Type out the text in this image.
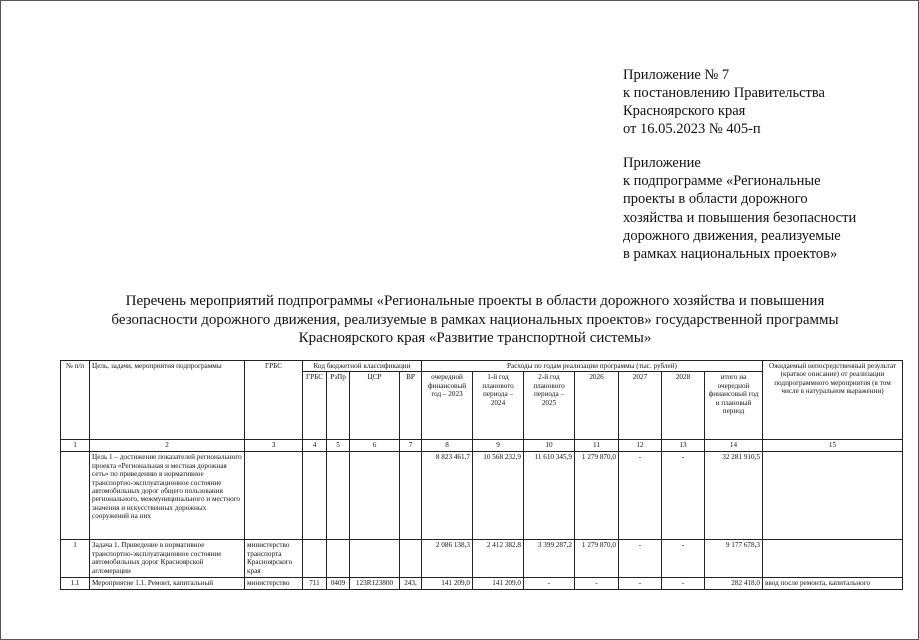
Приложение № 7
к постановлению Правительства
Красноярского края
от 16.05.2023 № 405-п
Приложение
к подпрограмме «Региональные
проекты в области дорожного
хозяйства и повышения безопасности
дорожного движения, реализуемые
в рамках национальных проектов»
Перечень мероприятий подпрограммы «Региональные проекты в области дорожного хозяйства и повышения
безопасности дорожного движения, реализуемые в рамках национальных проектов» государственной программы
Красноярского края «Развитие транспортной системы»
№ п/п	Цель, задачи, мероприятия подпрограммы	ГРБС	Код бюджетной классификации				Расходы по годам реализации программы (тыс. рублей)							Ожидаемый непосредственный результат (краткое описание) от реализации подпрограммного мероприятия (в том числе в натуральном выражении)
			ГРБС	РзПр	ЦСР	ВР	очередной финансовый год – 2023	1-й год планового периода – 2024	2-й год планового периода – 2025	2026	2027	2028	итого на очередной финансовый год и плановый период	
1	2	3	4	5	6	7	8	9	10	11	12	13	14	15
	Цель 1 – достижение показателей регионального проекта «Региональная и местная дорожная сеть» по приведению в нормативное транспортно-эксплуатационное состояние автомобильных дорог общего пользования регионального, межмуниципального и местного значения и искусственных дорожных сооружений на них						8 823 461,7	10 568 232,9	11 610 345,9	1 279 870,0	-	-	32 281 910,5	
1	Задача 1. Приведение в нормативное транспортно-эксплуатационное состояние автомобильных дорог Красноярской агломерации	министерство транспорта Красноярского края					2 086 138,3	2 412 382,8	3 399 287,2	1 279 870,0	-	-	9 177 678,3	
1.1	Мероприятие 1.1. Ремонт, капитальный	министерство	711	0409	123R123800	243,	141 209,0	141 209,0	-	-	-	-	282 418,0	ввод после ремонта, капитального
